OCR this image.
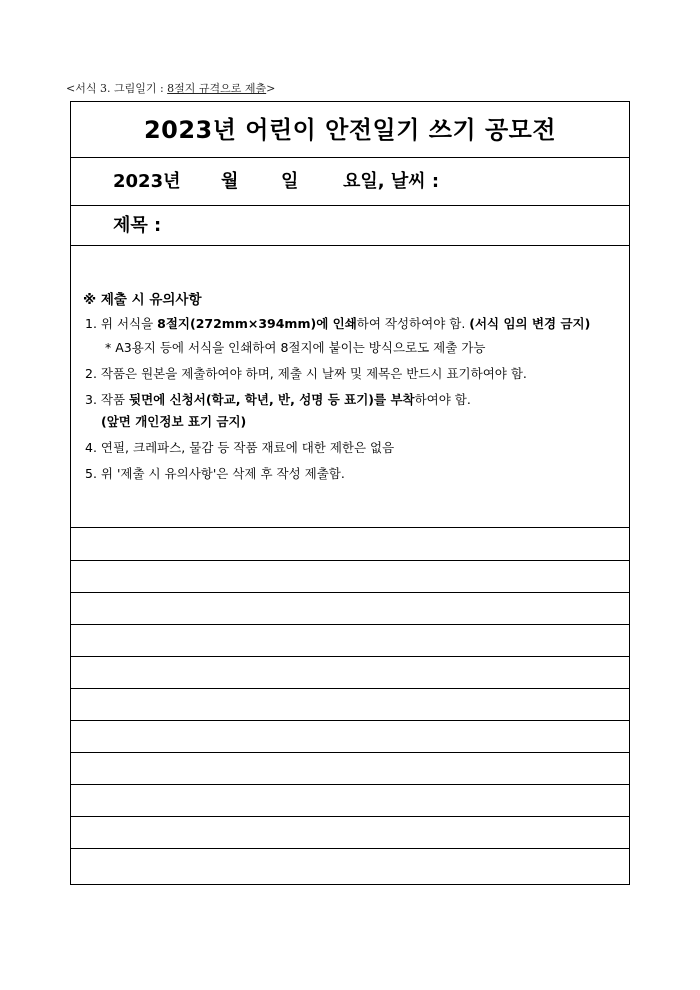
<서식 3. 그림일기 : 8절지 규격으로 제출>
2023년 어린이 안전일기 쓰기 공모전
2023년 월 일 요일, 날씨 :
제목 :
※ 제출 시 유의사항
1. 위 서식을 8절지(272mm×394mm)에 인쇄하여 작성하여야 함. (서식 임의 변경 금지)
* A3용지 등에 서식을 인쇄하여 8절지에 붙이는 방식으로도 제출 가능
2. 작품은 원본을 제출하여야 하며, 제출 시 날짜 및 제목은 반드시 표기하여야 함.
3. 작품 뒷면에 신청서(학교, 학년, 반, 성명 등 표기)를 부착하여야 함.
(앞면 개인정보 표기 금지)
4. 연필, 크레파스, 물감 등 작품 재료에 대한 제한은 없음
5. 위 '제출 시 유의사항'은 삭제 후 작성 제출함.
